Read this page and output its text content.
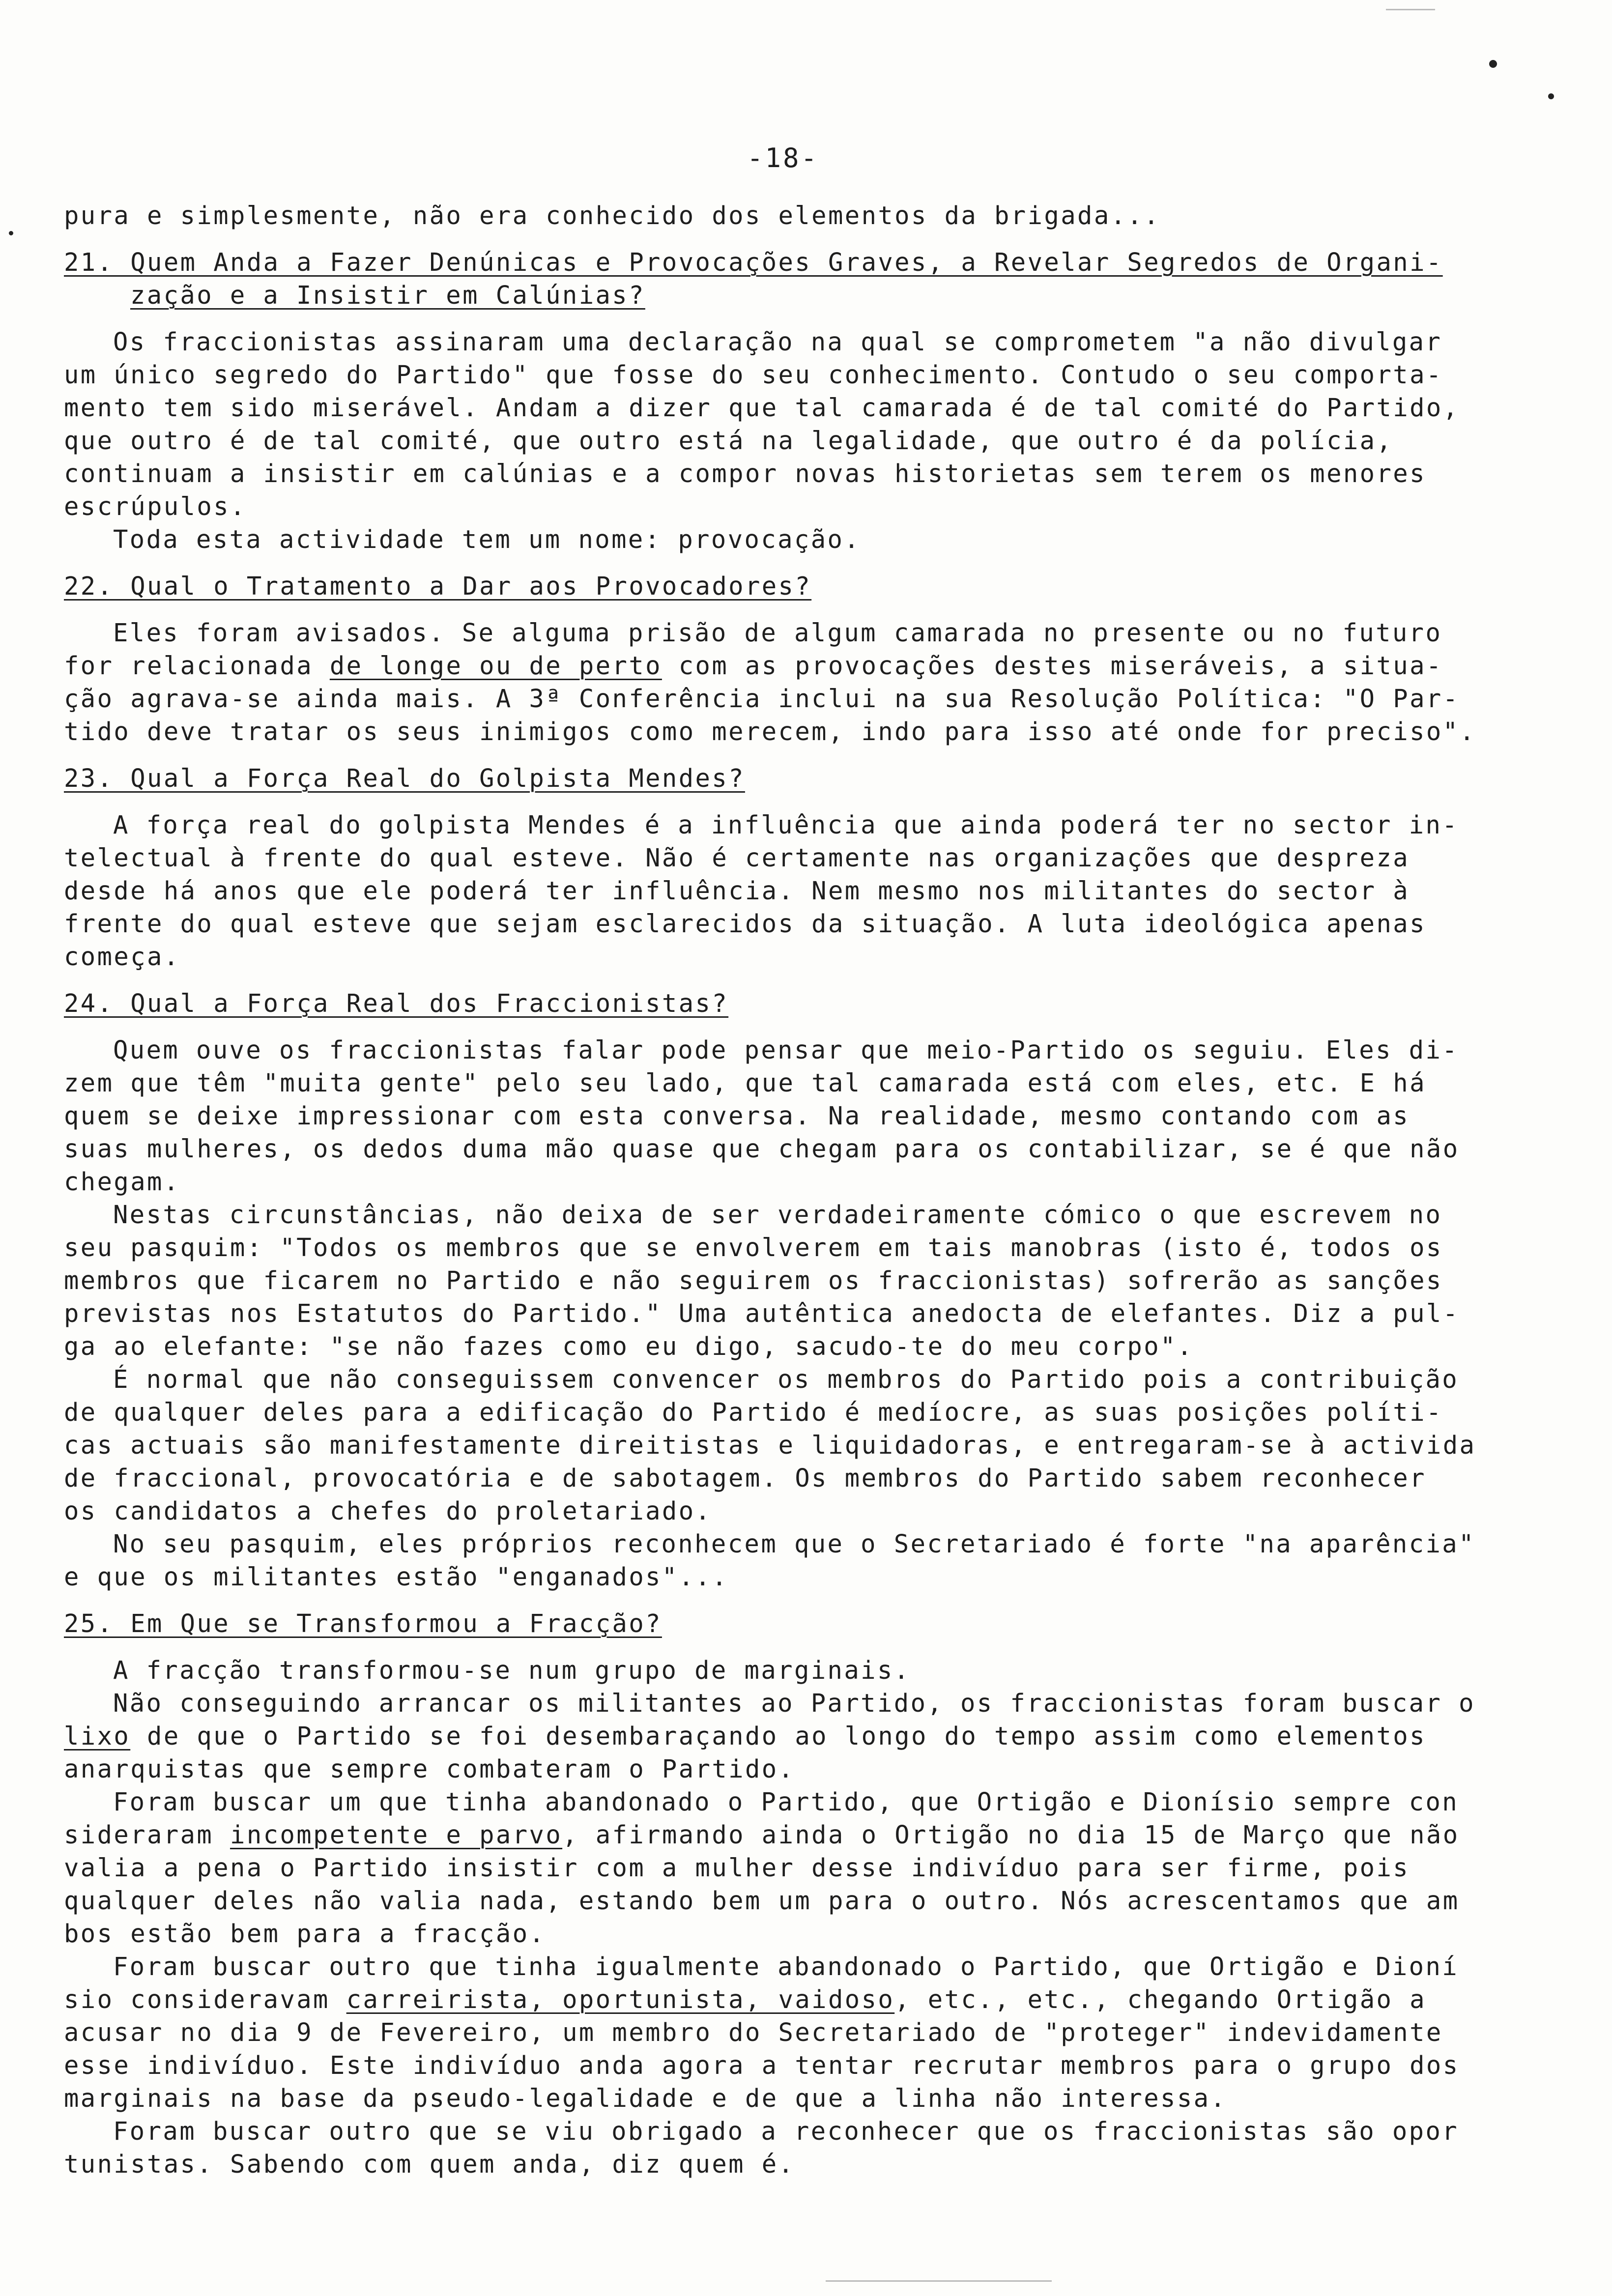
-18-
pura e simplesmente, não era conhecido dos elementos da brigada...
21. Quem Anda a Fazer Denúnicas e Provocações Graves, a Revelar Segredos de Organi-
zação e a Insistir em Calúnias?
Os fraccionistas assinaram uma declaração na qual se comprometem "a não divulgar
um único segredo do Partido" que fosse do seu conhecimento. Contudo o seu comporta-
mento tem sido miserável. Andam a dizer que tal camarada é de tal comité do Partido,
que outro é de tal comité, que outro está na legalidade, que outro é da polícia,
continuam a insistir em calúnias e a compor novas historietas sem terem os menores
escrúpulos.
Toda esta actividade tem um nome: provocação.
22. Qual o Tratamento a Dar aos Provocadores?
Eles foram avisados. Se alguma prisão de algum camarada no presente ou no futuro
for relacionada de longe ou de perto com as provocações destes miseráveis, a situa-
ção agrava-se ainda mais. A 3ª Conferência inclui na sua Resolução Política: "O Par-
tido deve tratar os seus inimigos como merecem, indo para isso até onde for preciso".
23. Qual a Força Real do Golpista Mendes?
A força real do golpista Mendes é a influência que ainda poderá ter no sector in-
telectual à frente do qual esteve. Não é certamente nas organizações que despreza
desde há anos que ele poderá ter influência. Nem mesmo nos militantes do sector à
frente do qual esteve que sejam esclarecidos da situação. A luta ideológica apenas
começa.
24. Qual a Força Real dos Fraccionistas?
Quem ouve os fraccionistas falar pode pensar que meio-Partido os seguiu. Eles di-
zem que têm "muita gente" pelo seu lado, que tal camarada está com eles, etc. E há
quem se deixe impressionar com esta conversa. Na realidade, mesmo contando com as
suas mulheres, os dedos duma mão quase que chegam para os contabilizar, se é que não
chegam.
Nestas circunstâncias, não deixa de ser verdadeiramente cómico o que escrevem no
seu pasquim: "Todos os membros que se envolverem em tais manobras (isto é, todos os
membros que ficarem no Partido e não seguirem os fraccionistas) sofrerão as sanções
previstas nos Estatutos do Partido." Uma autêntica anedocta de elefantes. Diz a pul-
ga ao elefante: "se não fazes como eu digo, sacudo-te do meu corpo".
É normal que não conseguissem convencer os membros do Partido pois a contribuição
de qualquer deles para a edificação do Partido é medíocre, as suas posições políti-
cas actuais são manifestamente direitistas e liquidadoras, e entregaram-se à activida
de fraccional, provocatória e de sabotagem. Os membros do Partido sabem reconhecer
os candidatos a chefes do proletariado.
No seu pasquim, eles próprios reconhecem que o Secretariado é forte "na aparência"
e que os militantes estão "enganados"...
25. Em Que se Transformou a Fracção?
A fracção transformou-se num grupo de marginais.
Não conseguindo arrancar os militantes ao Partido, os fraccionistas foram buscar o
lixo de que o Partido se foi desembaraçando ao longo do tempo assim como elementos
anarquistas que sempre combateram o Partido.
Foram buscar um que tinha abandonado o Partido, que Ortigão e Dionísio sempre con
sideraram incompetente e parvo, afirmando ainda o Ortigão no dia 15 de Março que não
valia a pena o Partido insistir com a mulher desse indivíduo para ser firme, pois
qualquer deles não valia nada, estando bem um para o outro. Nós acrescentamos que am
bos estão bem para a fracção.
Foram buscar outro que tinha igualmente abandonado o Partido, que Ortigão e Dioní
sio consideravam carreirista, oportunista, vaidoso, etc., etc., chegando Ortigão a
acusar no dia 9 de Fevereiro, um membro do Secretariado de "proteger" indevidamente
esse indivíduo. Este indivíduo anda agora a tentar recrutar membros para o grupo dos
marginais na base da pseudo-legalidade e de que a linha não interessa.
Foram buscar outro que se viu obrigado a reconhecer que os fraccionistas são opor
tunistas. Sabendo com quem anda, diz quem é.
